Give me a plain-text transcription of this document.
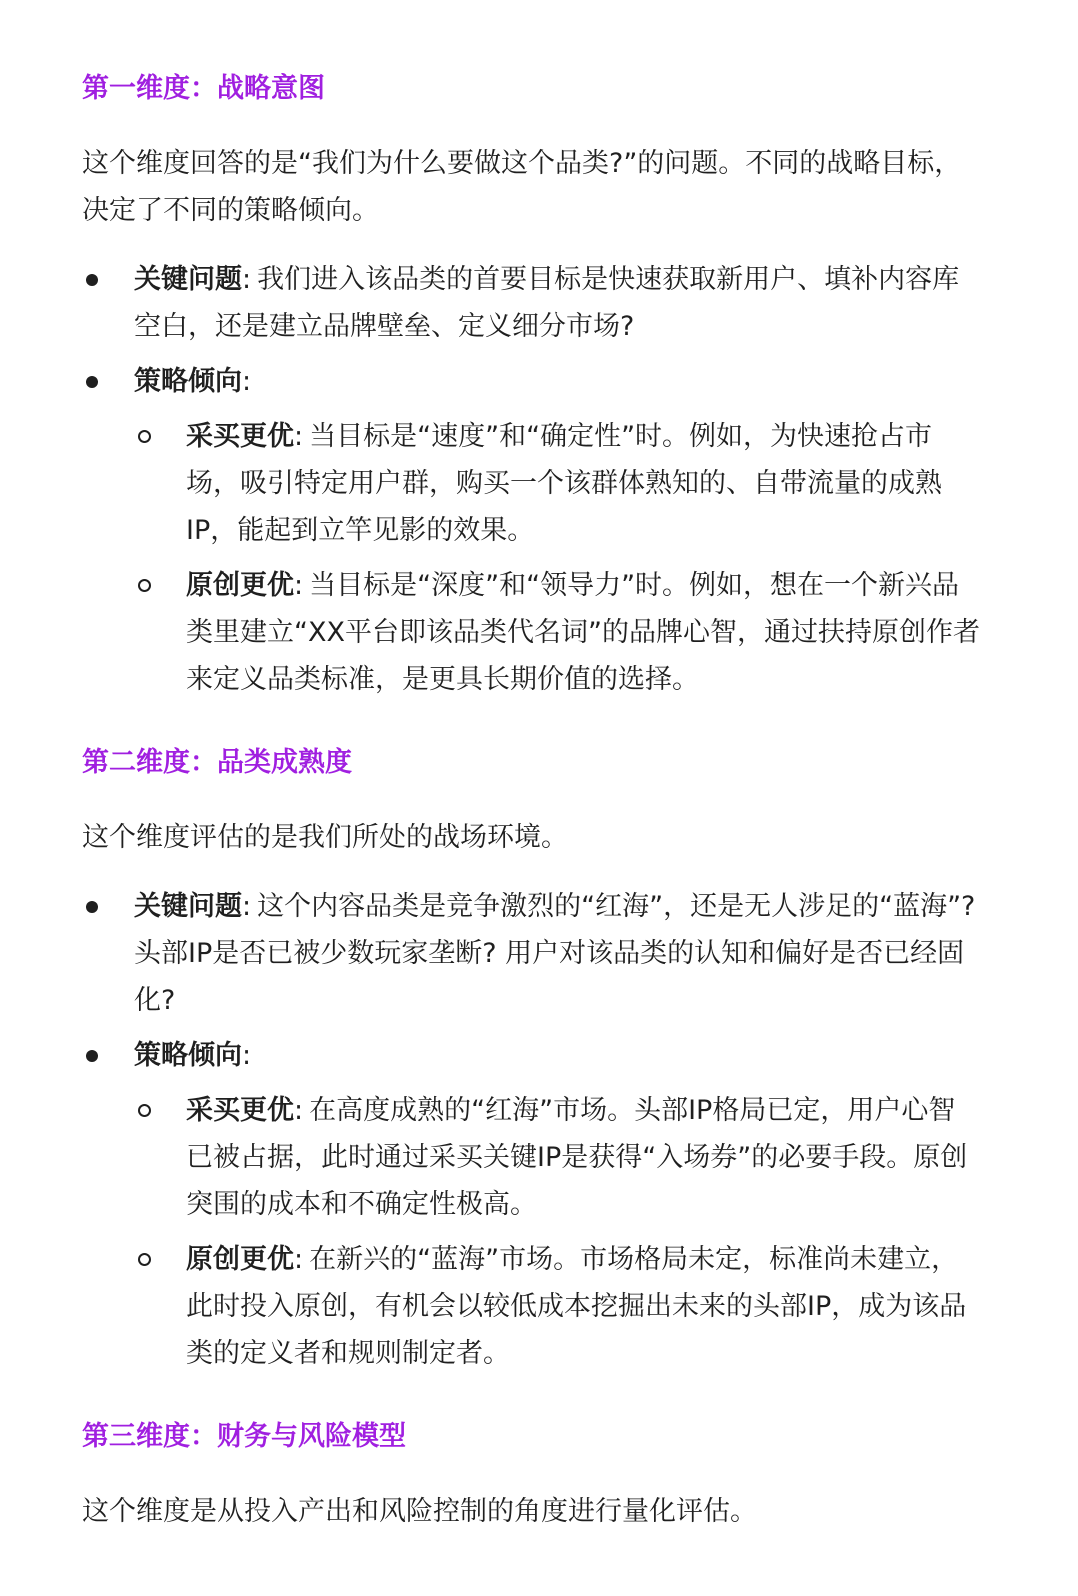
第一维度：战略意图

这个维度回答的是“我们为什么要做这个品类?”的问题。不同的战略目标，决定了不同的策略倾向。

关键问题: 我们进入该品类的首要目标是快速获取新用户、填补内容库空白，还是建立品牌壁垒、定义细分市场?
策略倾向:
采买更优: 当目标是“速度”和“确定性”时。例如，为快速抢占市场，吸引特定用户群，购买一个该群体熟知的、自带流量的成熟IP，能起到立竿见影的效果。
原创更优: 当目标是“深度”和“领导力”时。例如，想在一个新兴品类里建立“XX平台即该品类代名词”的品牌心智，通过扶持原创作者来定义品类标准，是更具长期价值的选择。
第二维度：品类成熟度

这个维度评估的是我们所处的战场环境。

关键问题: 这个内容品类是竞争激烈的“红海”，还是无人涉足的“蓝海”? 头部IP是否已被少数玩家垄断? 用户对该品类的认知和偏好是否已经固化?
策略倾向:
采买更优: 在高度成熟的“红海”市场。头部IP格局已定，用户心智已被占据，此时通过采买关键IP是获得“入场券”的必要手段。原创突围的成本和不确定性极高。
原创更优: 在新兴的“蓝海”市场。市场格局未定，标准尚未建立，此时投入原创，有机会以较低成本挖掘出未来的头部IP，成为该品类的定义者和规则制定者。
第三维度：财务与风险模型

这个维度是从投入产出和风险控制的角度进行量化评估。
